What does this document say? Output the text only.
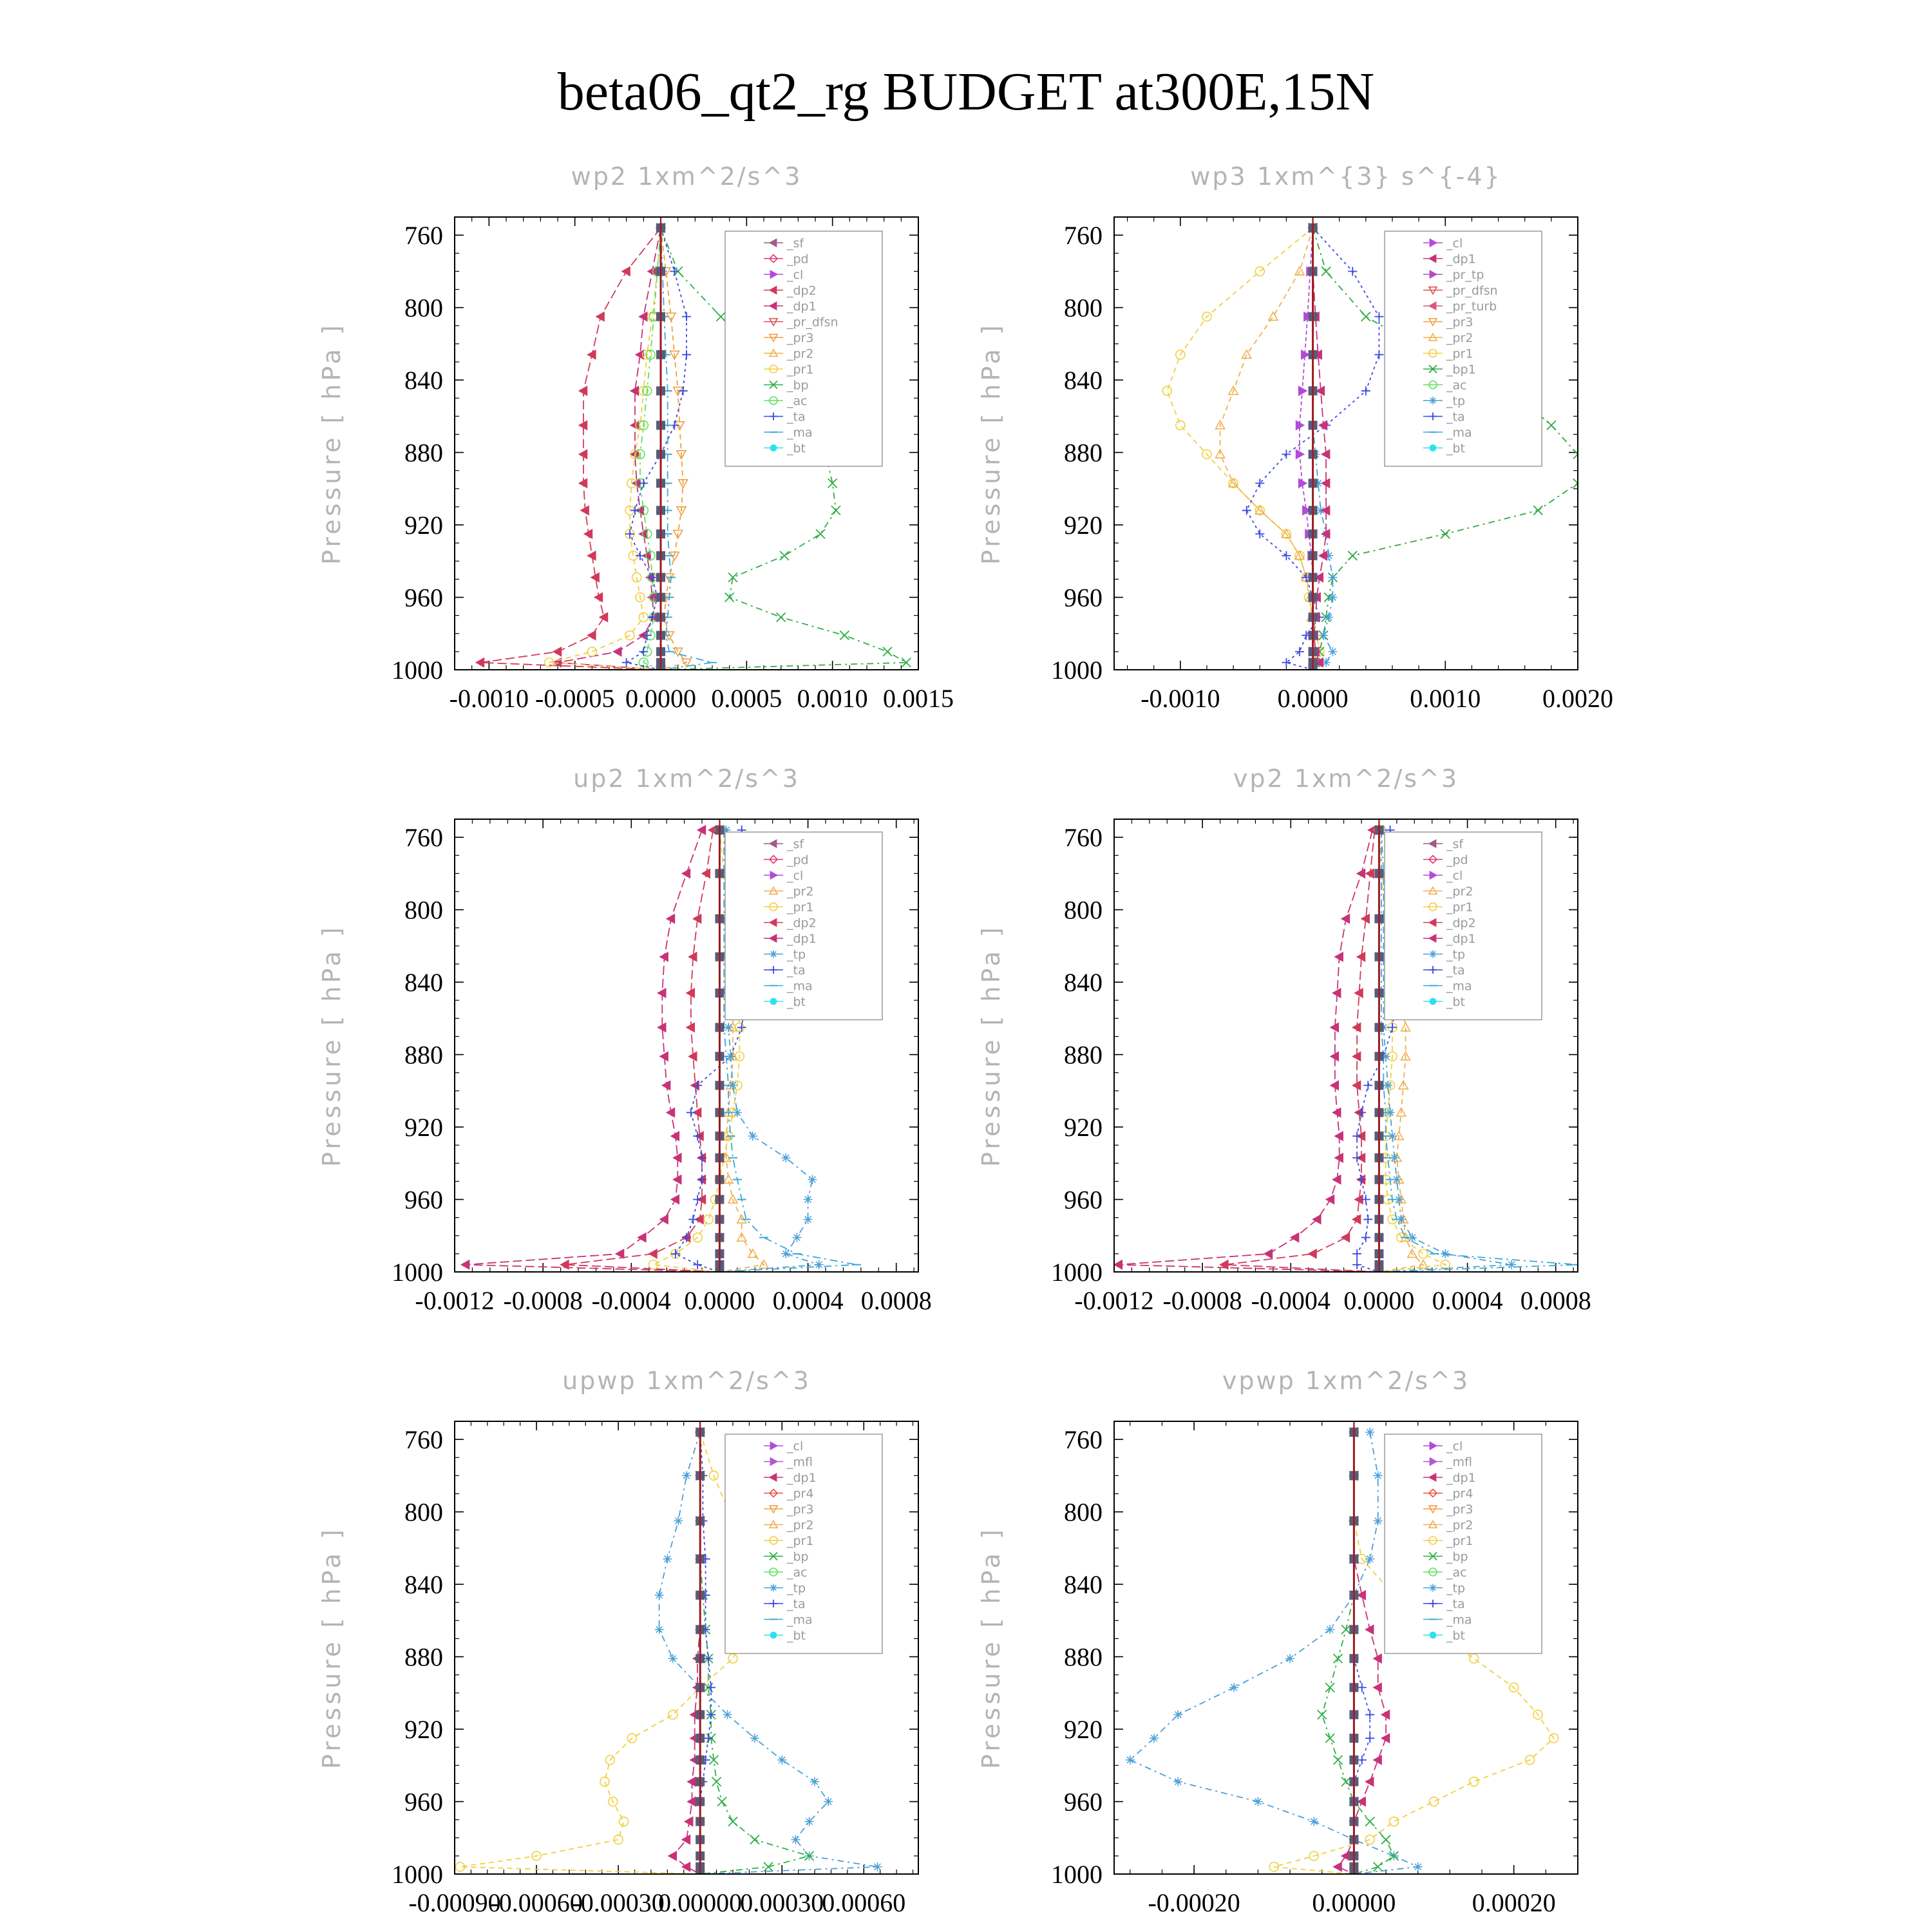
beta06_qt2_rg BUDGET at300E,15N
wp2 1xm^2/s^3
Pressure [ hPa ]
760
800
840
880
920
960
1000
-0.0010 -0.0005 0.0000 0.0005 0.0010 0.0015
_sf
_pd
_cl
_dp2
_dp1
_pr_dfsn
_pr3
_pr2
_pr1
_bp
_ac
_ta
_ma
_bt
wp3 1xm^{3} s^{-4}
Pressure [ hPa ]
760
800
840
880
920
960
1000
-0.0010 0.0000 0.0010 0.0020
_cl
_dp1
_pr_tp
_pr_dfsn
_pr_turb
_pr3
_pr2
_pr1
_bp1
_ac
_tp
_ta
_ma
_bt
up2 1xm^2/s^3
Pressure [ hPa ]
760
800
840
880
920
960
1000
-0.0012 -0.0008 -0.0004 0.0000 0.0004 0.0008
_sf
_pd
_cl
_pr2
_pr1
_dp2
_dp1
_tp
_ta
_ma
_bt
vp2 1xm^2/s^3
Pressure [ hPa ]
760
800
840
880
920
960
1000
-0.0012 -0.0008 -0.0004 0.0000 0.0004 0.0008
_sf
_pd
_cl
_pr2
_pr1
_dp2
_dp1
_tp
_ta
_ma
_bt
upwp 1xm^2/s^3
Pressure [ hPa ]
760
800
840
880
920
960
1000
-0.00090
-0.00060
-0.00030
0.00000
0.00030
0.00060
_cl
_mfl
_dp1
_pr4
_pr3
_pr2
_pr1
_bp
_ac
_tp
_ta
_ma
_bt
vpwp 1xm^2/s^3
Pressure [ hPa ]
760
800
840
880
920
960
1000
-0.00020	0.00000	0.00020
_cl
_mfl
_dp1
_pr4
_pr3
_pr2
_pr1
_bp
_ac
_tp
_ta
_ma
_bt
